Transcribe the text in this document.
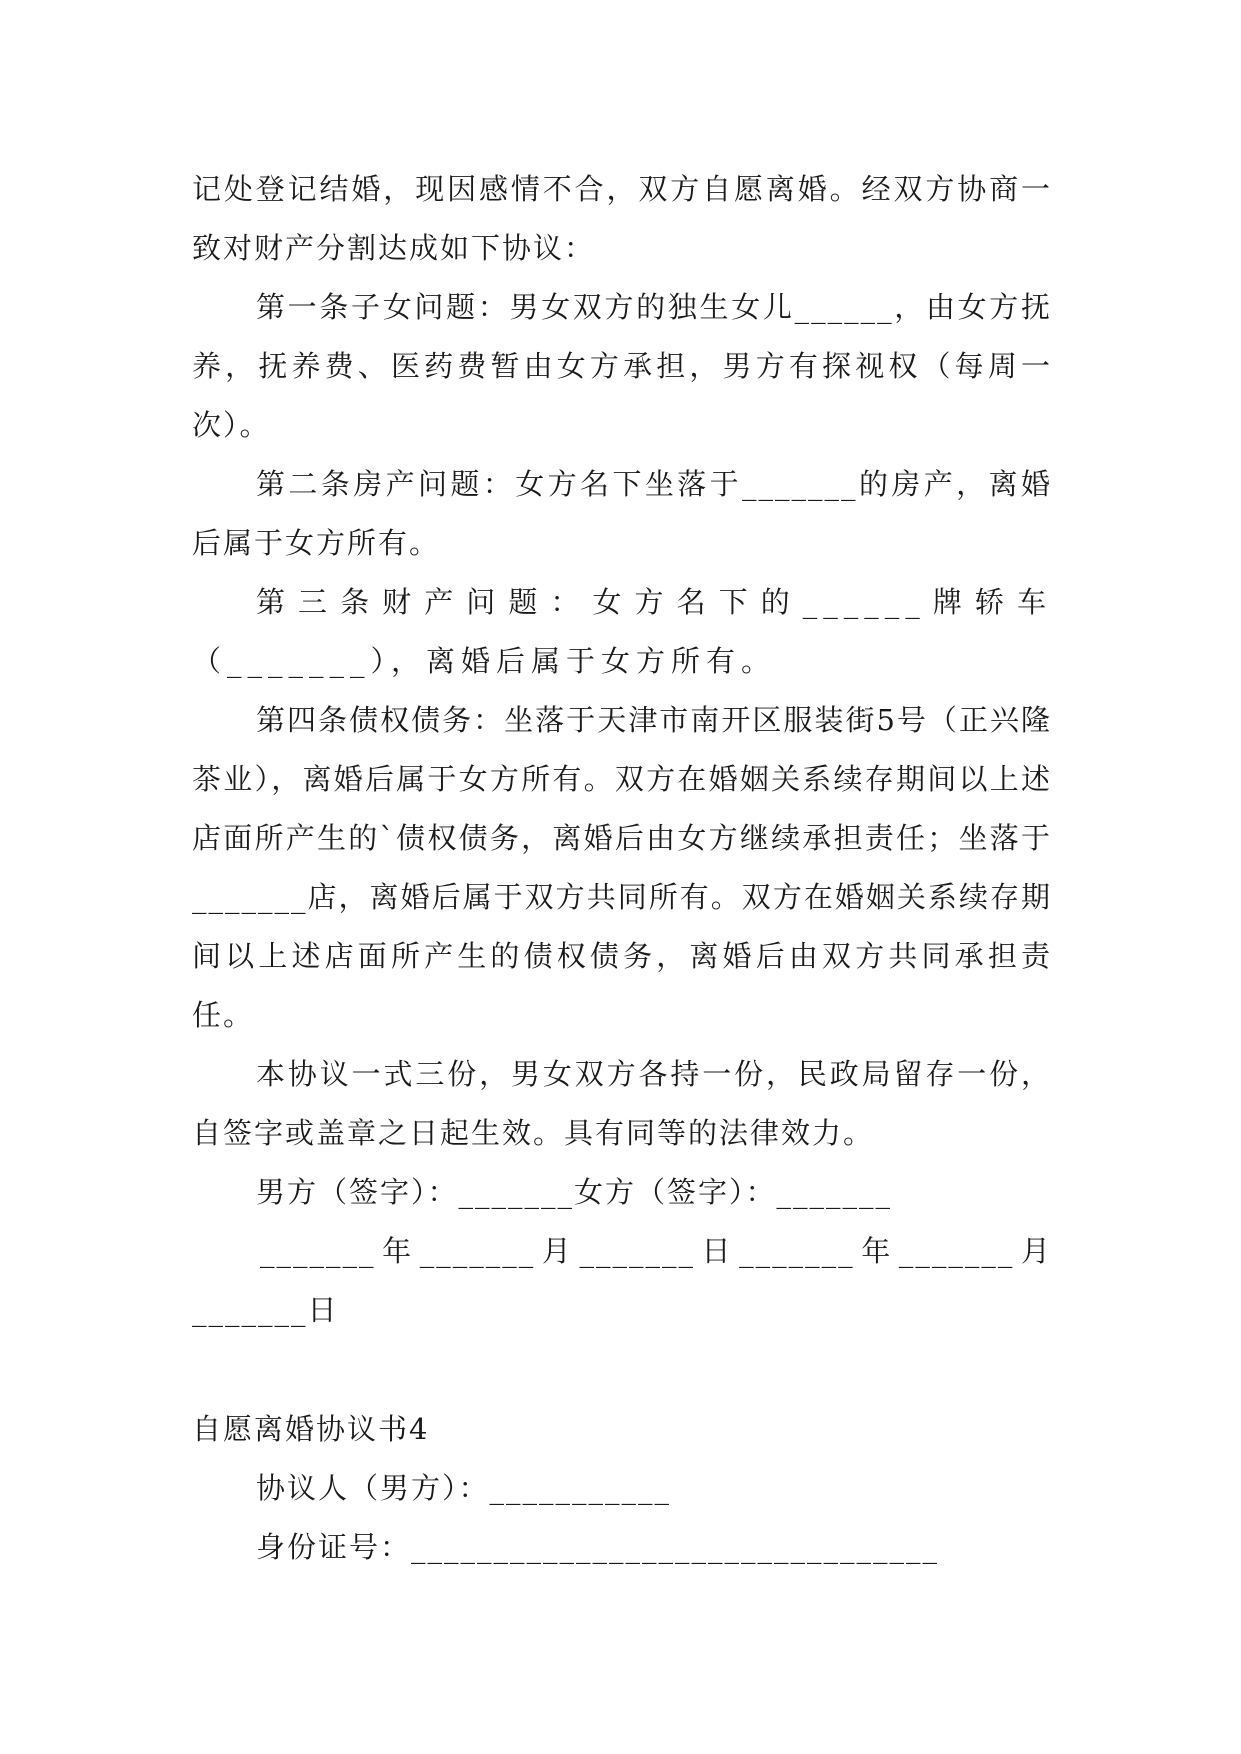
记处登记结婚，现因感情不合，双方自愿离婚。经双方协商一致对财产分割达成如下协议：

第一条子女问题：男女双方的独生女儿______，由女方抚养，抚养费、医药费暂由女方承担，男方有探视权（每周一次）。

第二条房产问题：女方名下坐落于_______的房产，离婚后属于女方所有。

第三条财产问题：女方名下的______牌轿车（_______），离婚后属于女方所有。

第四条债权债务：坐落于天津市南开区服装街5号（正兴隆茶业），离婚后属于女方所有。双方在婚姻关系续存期间以上述店面所产生的`债权债务，离婚后由女方继续承担责任；坐落于_______店，离婚后属于双方共同所有。双方在婚姻关系续存期间以上述店面所产生的债权债务，离婚后由双方共同承担责任。

本协议一式三份，男女双方各持一份，民政局留存一份，自签字或盖章之日起生效。具有同等的法律效力。

男方（签字）：_______女方（签字）：_______

_______年_______月_______日_______年_______月_______日

自愿离婚协议书4

协议人（男方）：___________

身份证号：________________________________
